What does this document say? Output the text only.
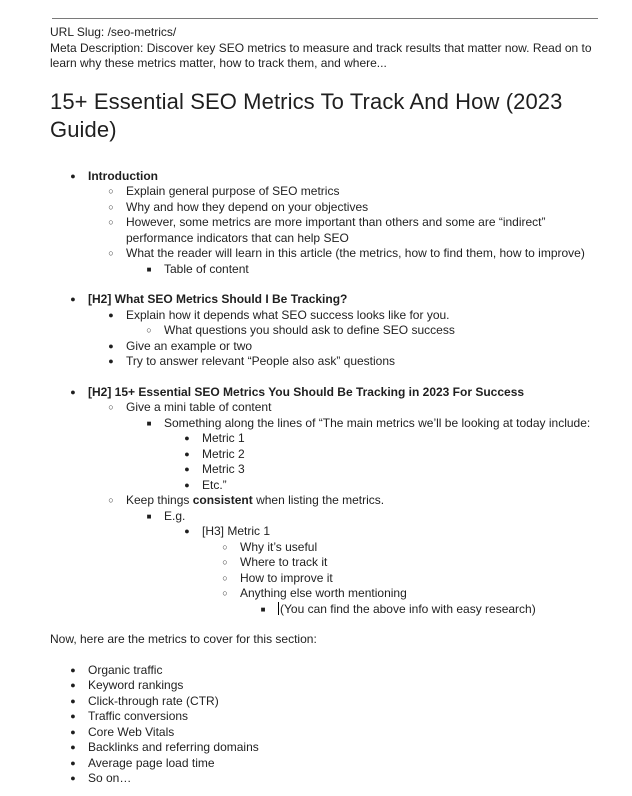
URL Slug: /seo-metrics/

Meta Description: Discover key SEO metrics to measure and track results that matter now. Read on to learn why these metrics matter, how to track them, and where...

15+ Essential SEO Metrics To Track And How (2023 Guide)
● Introduction
○ Explain general purpose of SEO metrics
○ Why and how they depend on your objectives
○ However, some metrics are more important than others and some are “indirect” performance indicators that can help SEO
○ What the reader will learn in this article (the metrics, how to find them, how to improve)
■ Table of content
● [H2] What SEO Metrics Should I Be Tracking?
● Explain how it depends what SEO success looks like for you.
○ What questions you should ask to define SEO success
● Give an example or two
● Try to answer relevant “People also ask” questions
● [H2] 15+ Essential SEO Metrics You Should Be Tracking in 2023 For Success
○ Give a mini table of content
■ Something along the lines of “The main metrics we’ll be looking at today include:
● Metric 1
● Metric 2
● Metric 3
● Etc.”
○ Keep things consistent when listing the metrics.
■ E.g.
● [H3] Metric 1
○ Why it’s useful
○ Where to track it
○ How to improve it
○ Anything else worth mentioning
■ (You can find the above info with easy research)

Now, here are the metrics to cover for this section:

● Organic traffic
● Keyword rankings
● Click-through rate (CTR)
● Traffic conversions
● Core Web Vitals
● Backlinks and referring domains
● Average page load time
● So on…
